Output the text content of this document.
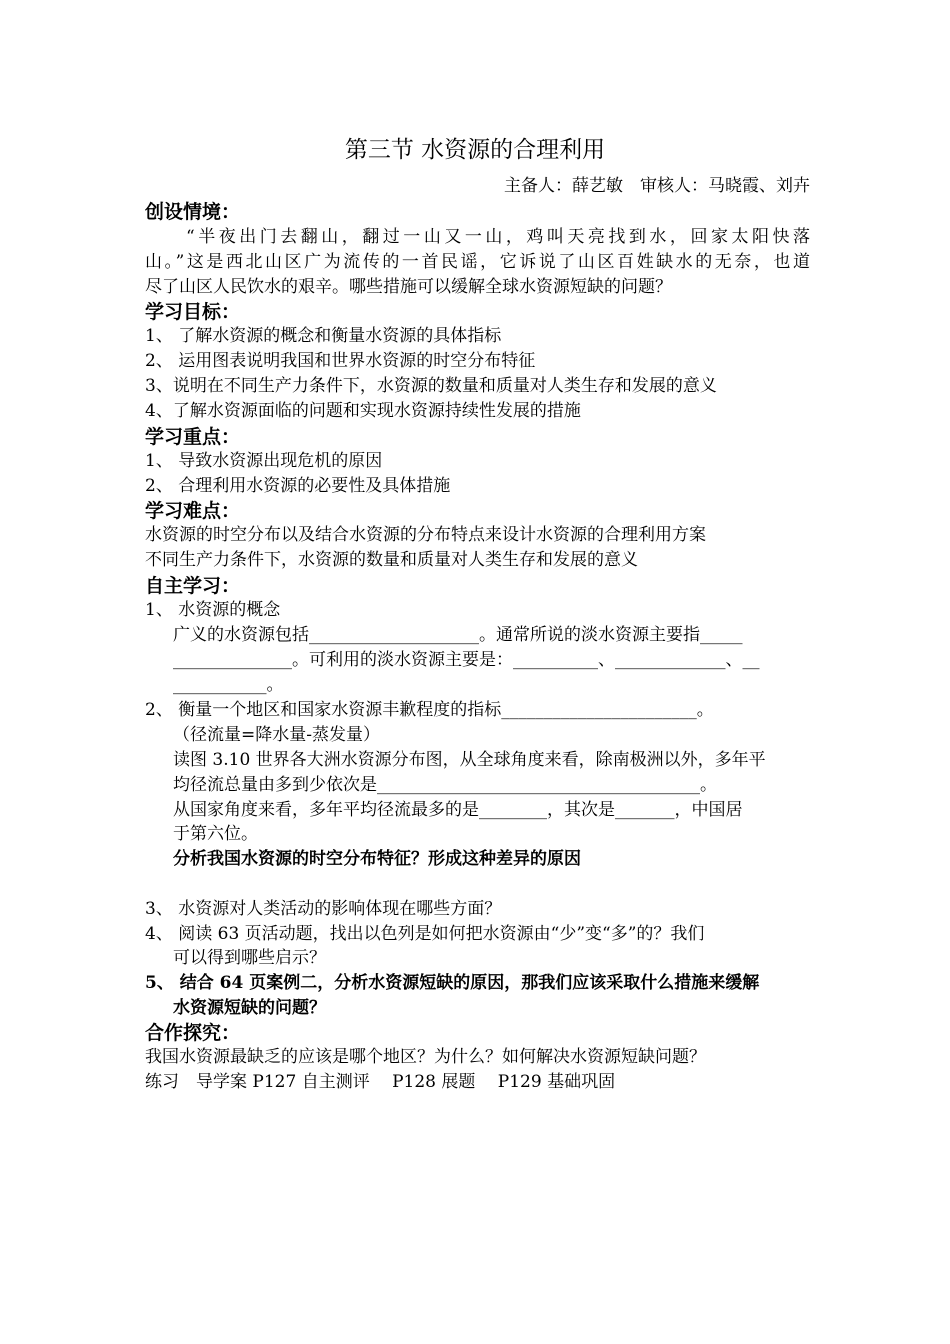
第三节 水资源的合理利用
主备人：薛艺敏　审核人：马晓霞、刘卉
创设情境：
　　“半夜出门去翻山，翻过一山又一山，鸡叫天亮找到水，回家太阳快落
山。”这是西北山区广为流传的一首民谣，它诉说了山区百姓缺水的无奈，也道
尽了山区人民饮水的艰辛。哪些措施可以缓解全球水资源短缺的问题？
学习目标：
1、 了解水资源的概念和衡量水资源的具体指标
2、 运用图表说明我国和世界水资源的时空分布特征
3、说明在不同生产力条件下，水资源的数量和质量对人类生存和发展的意义
4、了解水资源面临的问题和实现水资源持续性发展的措施
学习重点：
1、 导致水资源出现危机的原因
2、 合理利用水资源的必要性及具体措施
学习难点：
水资源的时空分布以及结合水资源的分布特点来设计水资源的合理利用方案
不同生产力条件下，水资源的数量和质量对人类生存和发展的意义
自主学习：
1、 水资源的概念
广义的水资源包括____________________。通常所说的淡水资源主要指_____
______________。可利用的淡水资源主要是：__________、_____________、__
___________。
2、 衡量一个地区和国家水资源丰歉程度的指标_______________________。
（径流量=降水量-蒸发量）
读图 3.10 世界各大洲水资源分布图，从全球角度来看，除南极洲以外，多年平
均径流总量由多到少依次是______________________________________。
从国家角度来看，多年平均径流最多的是________，其次是_______，中国居
于第六位。
分析我国水资源的时空分布特征？形成这种差异的原因
3、 水资源对人类活动的影响体现在哪些方面？
4、 阅读 63 页活动题，找出以色列是如何把水资源由“少”变“多”的？我们
可以得到哪些启示？
5、 结合 64 页案例二，分析水资源短缺的原因，那我们应该采取什么措施来缓解
水资源短缺的问题？
合作探究：
我国水资源最缺乏的应该是哪个地区？为什么？如何解决水资源短缺问题？
练习　导学案 P127 自主测评　 P128 展题　 P129 基础巩固
